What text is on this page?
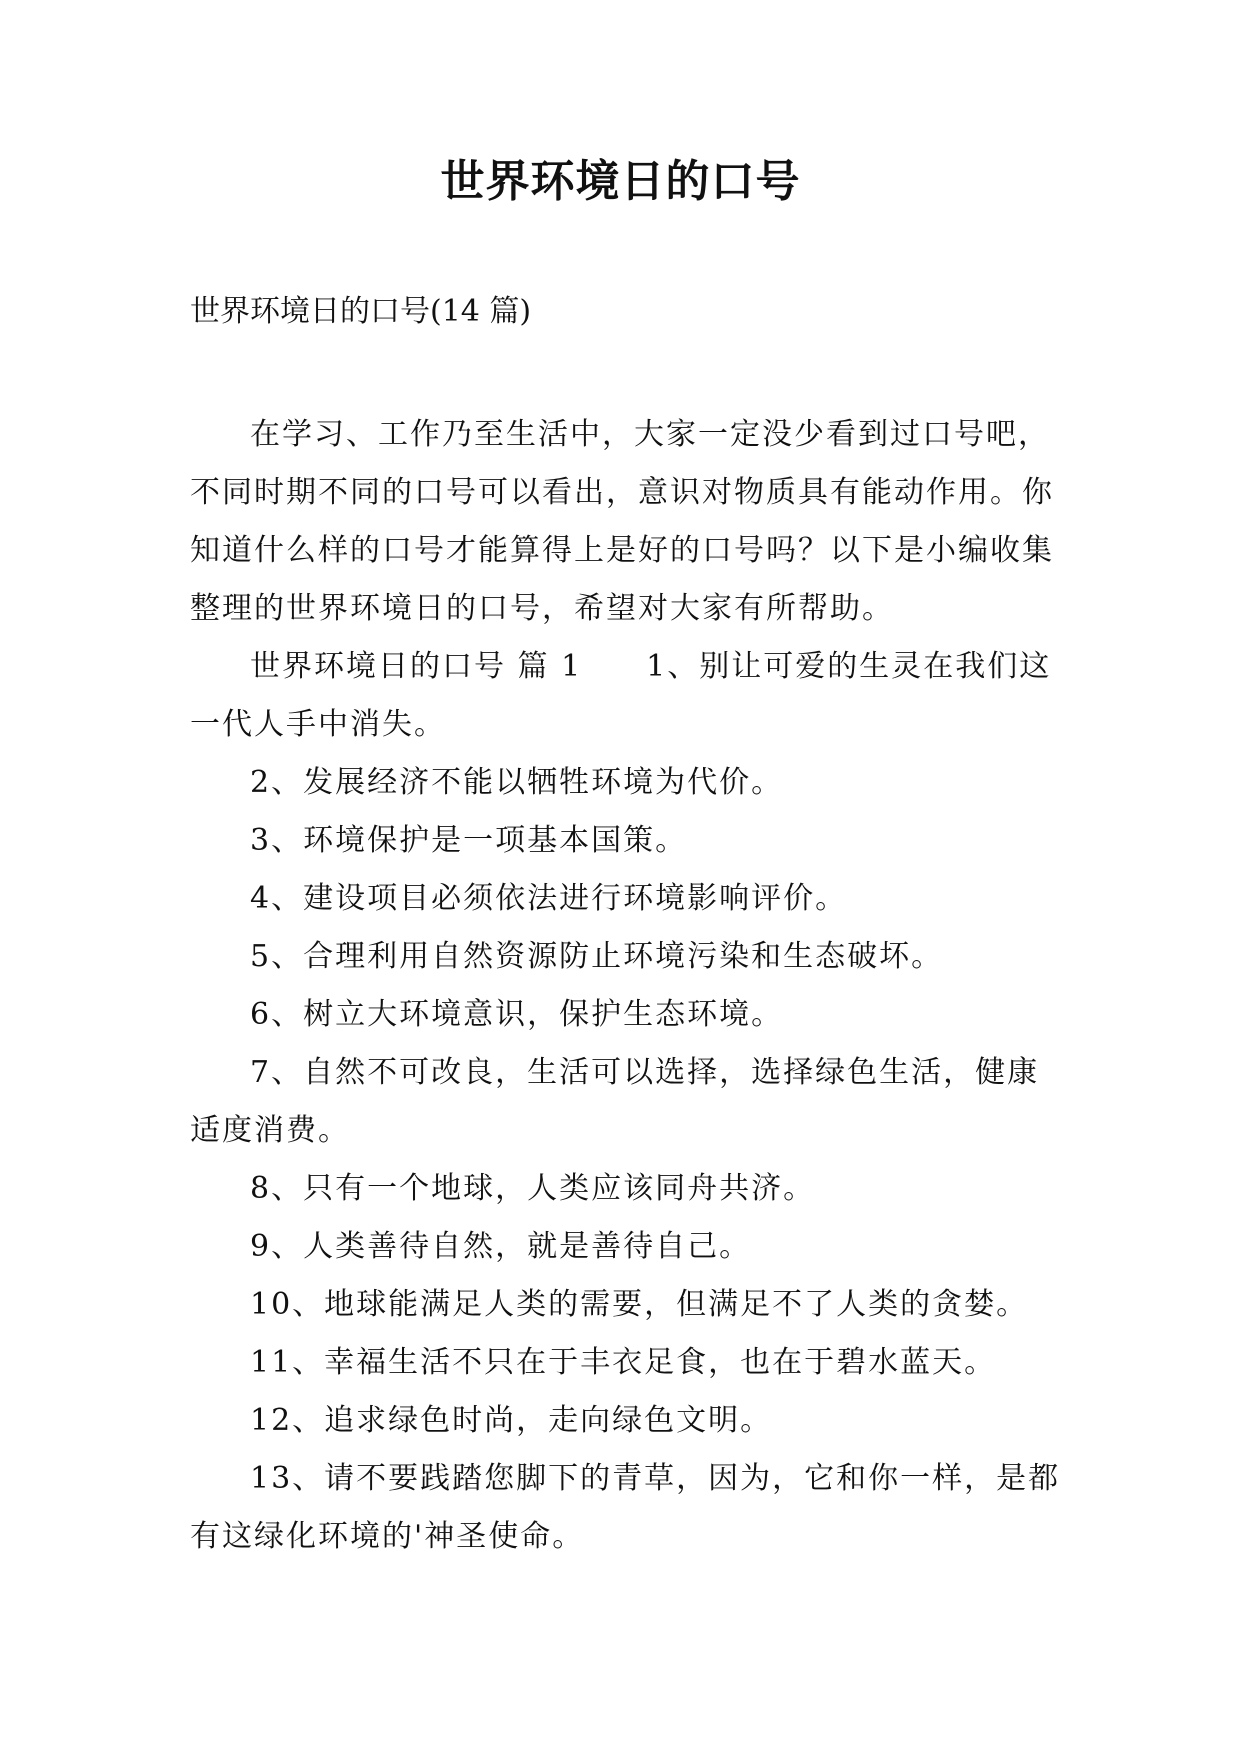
世界环境日的口号
世界环境日的口号(14 篇)

在学习、工作乃至生活中，大家一定没少看到过口号吧，不同时期不同的口号可以看出，意识对物质具有能动作用。你知道什么样的口号才能算得上是好的口号吗？以下是小编收集整理的世界环境日的口号，希望对大家有所帮助。

世界环境日的口号 篇 1 1、别让可爱的生灵在我们这一代人手中消失。

2、发展经济不能以牺牲环境为代价。
3、环境保护是一项基本国策。
4、建设项目必须依法进行环境影响评价。
5、合理利用自然资源防止环境污染和生态破坏。
6、树立大环境意识，保护生态环境。
7、自然不可改良，生活可以选择，选择绿色生活，健康适度消费。
8、只有一个地球，人类应该同舟共济。
9、人类善待自然，就是善待自己。
10、地球能满足人类的需要，但满足不了人类的贪婪。
11、幸福生活不只在于丰衣足食，也在于碧水蓝天。
12、追求绿色时尚，走向绿色文明。
13、请不要践踏您脚下的青草，因为，它和你一样，是都有这绿化环境的'神圣使命。
